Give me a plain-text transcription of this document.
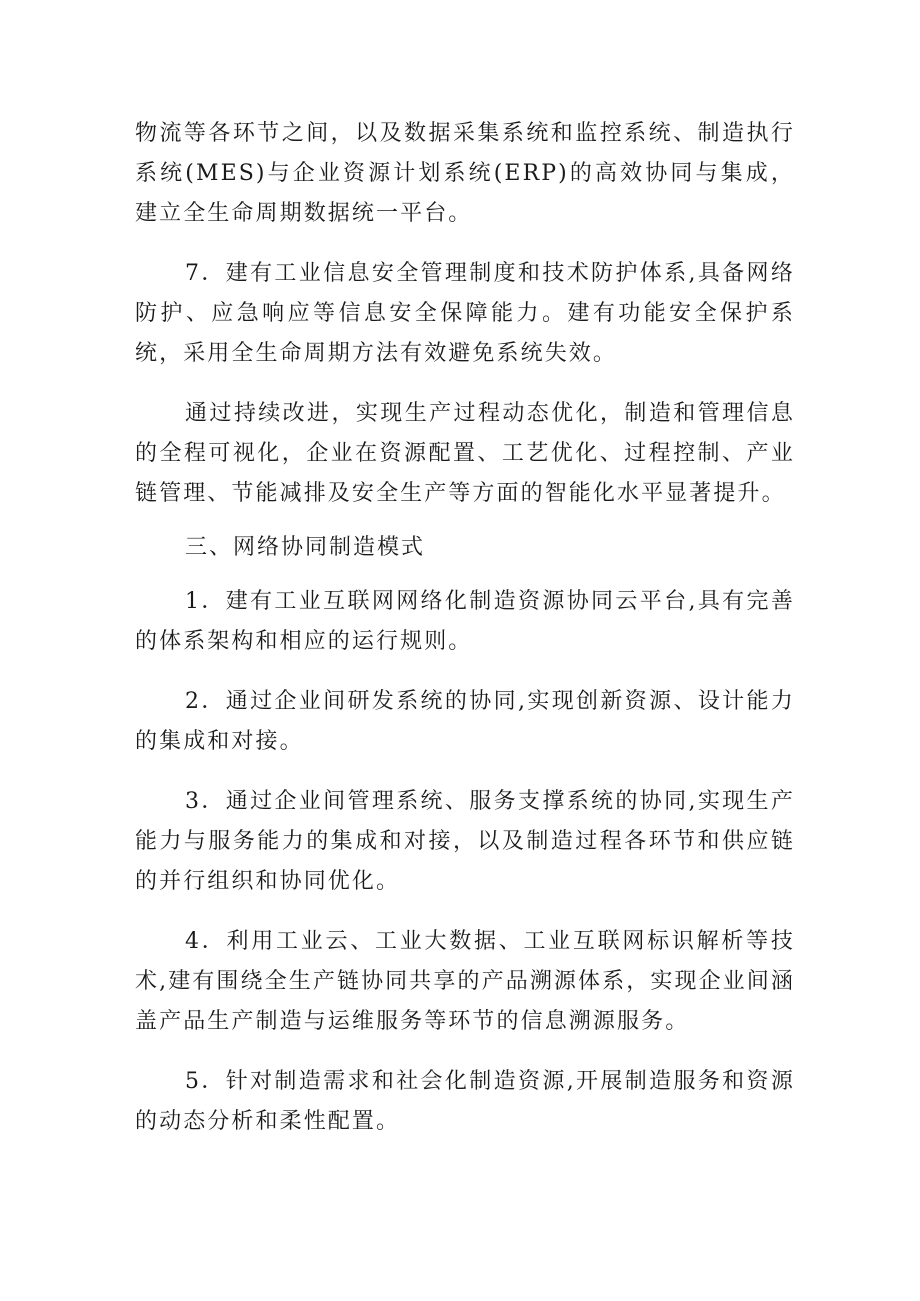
物流等各环节之间，以及数据采集系统和监控系统、制造执行系统(MES)与企业资源计划系统(ERP)的高效协同与集成，建立全生命周期数据统一平台。

7．建有工业信息安全管理制度和技术防护体系,具备网络防护、应急响应等信息安全保障能力。建有功能安全保护系统，采用全生命周期方法有效避免系统失效。

通过持续改进，实现生产过程动态优化，制造和管理信息的全程可视化，企业在资源配置、工艺优化、过程控制、产业链管理、节能减排及安全生产等方面的智能化水平显著提升。

三、网络协同制造模式

1．建有工业互联网网络化制造资源协同云平台,具有完善的体系架构和相应的运行规则。

2．通过企业间研发系统的协同,实现创新资源、设计能力的集成和对接。

3．通过企业间管理系统、服务支撑系统的协同,实现生产能力与服务能力的集成和对接，以及制造过程各环节和供应链的并行组织和协同优化。

4．利用工业云、工业大数据、工业互联网标识解析等技术,建有围绕全生产链协同共享的产品溯源体系，实现企业间涵盖产品生产制造与运维服务等环节的信息溯源服务。

5．针对制造需求和社会化制造资源,开展制造服务和资源的动态分析和柔性配置。
